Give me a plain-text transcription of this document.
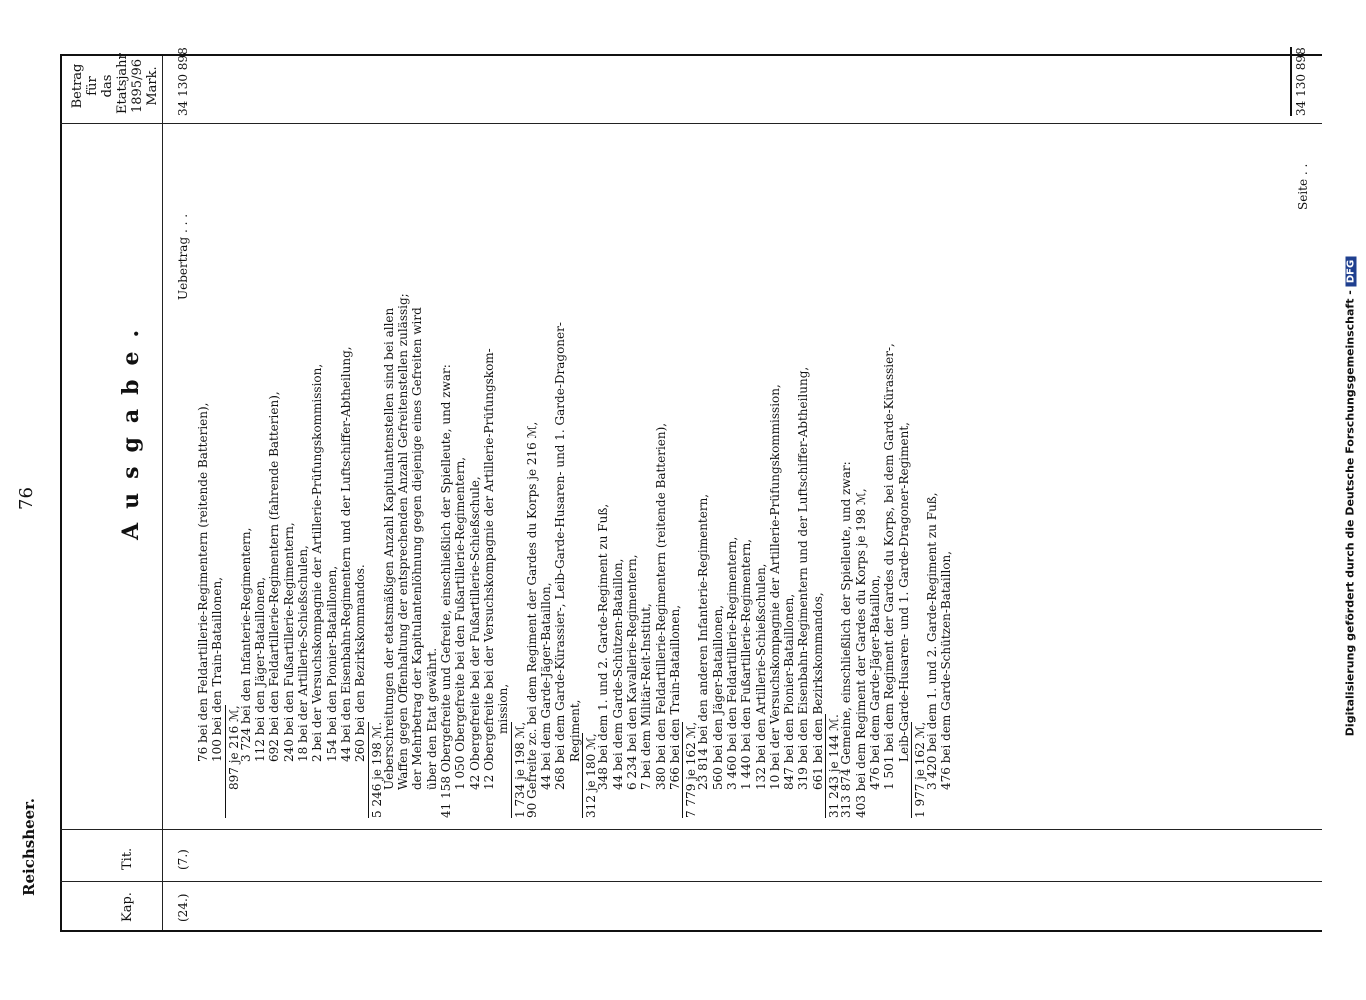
Reichsheer.
76
Kap.
Tit.
Betrag für das Etatsjahr 1895/96 Mark.
Ausgabe.
(24.)
(7.)
Uebertrag . . .
34 130 898
76 bei den Feldartillerie-Regimentern (reitende Batterien), 100 bei den Train-Bataillonen, 897 je 216 ℳ,
3 724 bei den Infanterie-Regimentern, 112 bei den Jäger-Bataillonen, 692 bei den Feldartillerie-Regimentern (fahrende Batterien), 240 bei den Fußartillerie-Regimentern, 18 bei der Artillerie-Schießschulen, 2 bei der Versuchskompagnie der Artillerie-Prüfungskommission, 154 bei den Pionier-Bataillonen, 44 bei den Eisenbahn-Regimentern und der Luftschiffer-Abtheilung, 260 bei den Bezirkskommandos.
5 246 je 198 ℳ.
Ueberschreitungen der etatsmäßigen Anzahl Kapitulantenstellen sind bei allen Waffen gegen Offenhaltung der entsprechenden Anzahl Gefreitenstellen zulässig; der Mehrbetrag der Kapitulantenlöhnung gegen diejenige eines Gefreiten wird über den Etat gewährt. 41 158 Obergefreite und Gefreite, einschließlich der Spielleute, und zwar: 1 050 Obergefreite bei den Fußartillerie-Regimentern, 42 Obergefreite bei der Fußartillerie-Schießschule, 12 Obergefreite bei der Versuchskompagnie der Artillerie-Prüfungskom- mission,
1 734 je 198 ℳ,
90 Gefreite zc. bei dem Regiment der Gardes du Korps je 216 ℳ, 44 bei dem Garde-Jäger-Bataillon, 268 bei dem Garde-Kürassier-, Leib-Garde-Husaren- und 1. Garde-Dragoner- Regiment,
312 je 180 ℳ,
348 bei dem 1. und 2. Garde-Regiment zu Fuß, 44 bei dem Garde-Schützen-Bataillon, 6 234 bei den Kavallerie-Regimentern, 7 bei dem Militär-Reit-Institut, 380 bei den Feldartillerie-Regimentern (reitende Batterien), 766 bei den Train-Bataillonen, 7 779 je 162 ℳ,
23 814 bei den anderen Infanterie-Regimentern, 560 bei den Jäger-Bataillonen, 3 460 bei den Feldartillerie-Regimentern, 1 440 bei den Fußartillerie-Regimentern, 132 bei den Artillerie-Schießschulen, 10 bei der Versuchskompagnie der Artillerie-Prüfungskommission, 847 bei den Pionier-Bataillonen, 319 bei den Eisenbahn-Regimentern und der Luftschiffer-Abtheilung, 661 bei den Bezirkskommandos, 31 243 je 144 ℳ.
313 874 Gemeine, einschließlich der Spielleute, und zwar: 403 bei dem Regiment der Gardes du Korps je 198 ℳ, 476 bei dem Garde-Jäger-Bataillon, 1 501 bei dem Regiment der Gardes du Korps, bei dem Garde-Kürassier-, Leib-Garde-Husaren- und 1. Garde-Dragoner-Regiment,
1 977 je 162 ℳ,
3 420 bei dem 1. und 2. Garde-Regiment zu Fuß, 476 bei dem Garde-Schützen-Bataillon,
Seite . .
34 130 898
Digitalisierung gefördert durch die Deutsche Forschungsgemeinschaft -DFG
